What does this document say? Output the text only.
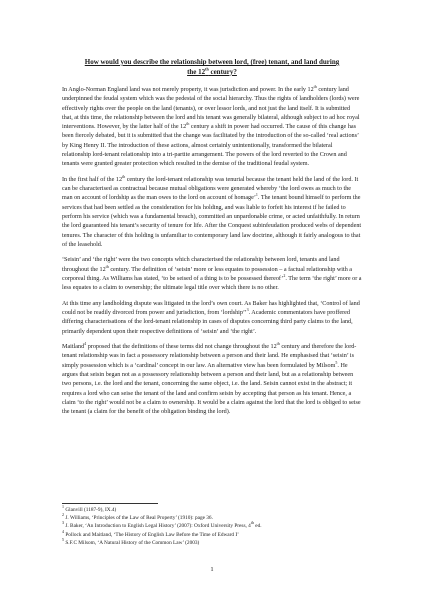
How would you describe the relationship between lord, (free) tenant, and land during
the 12th century?

In Anglo-Norman England land was not merely property, it was jurisdiction and power. In the early 12th century land underpinned the feudal system which was the pedestal of the social hierarchy. Thus the rights of landholders (lords) were effectively rights over the people on the land (tenants), or over lessor lords, and not just the land itself. It is submitted that, at this time, the relationship between the lord and his tenant was generally bilateral, although subject to ad hoc royal interventions. However, by the latter half of the 12th century a shift in power had occurred. The cause of this change has been fiercely debated, but it is submitted that the change was facilitated by the introduction of the so-called ‘real actions’ by King Henry II. The introduction of these actions, almost certainly unintentionally, transformed the bilateral relationship lord-tenant relationship into a tri-partite arrangement. The powers of the lord reverted to the Crown and tenants were granted greater protection which resulted in the demise of the traditional feudal system.

In the first half of the 12th century the lord-tenant relationship was tenurial because the tenant held the land of the lord. It can be characterised as contractual because mutual obligations were generated whereby ‘the lord owes as much to the man on account of lordship as the man owes to the lord on account of homage’$^1$. The tenant bound himself to perform the services that had been settled as the consideration for his holding, and was liable to forfeit his interest if he failed to perform his service (which was a fundamental breach), committed an unpardonable crime, or acted unfaithfully. In return the lord guaranteed his tenant’s security of tenure for life. After the Conquest subinfeudation produced webs of dependent tenures. The character of this holding is unfamiliar to contemporary land law doctrine, although it fairly analogous to that of the leasehold.

‘Seisin’ and ‘the right’ were the two concepts which characterised the relationship between lord, tenants and land throughout the 12th century. The definition of ‘seisin’ more or less equates to possession – a factual relationship with a corporeal thing. As Williams has stated, ‘to be seised of a thing is to be possessed thereof’$^2$. The term ‘the right’ more or a less equates to a claim to ownership; the ultimate legal title over which there is no other.

At this time any landholding dispute was litigated in the lord’s own court. As Baker has highlighted that, ‘Control of land could not be readily divorced from power and jurisdiction, from ‘lordship’’$^3$. Academic commentators have proffered differing characterisations of the lord-tenant relationship in cases of disputes concerning third party claims to the land, primarily dependent upon their respective definitions of ‘seisin’ and ‘the right’.

Maitland$^4$ proposed that the definitions of these terms did not change throughout the 12th century and therefore the lord-tenant relationship was in fact a possessory relationship between a person and their land. He emphasised that ‘seisin’ is simply possession which is a ‘cardinal’ concept in our law. An alternative view has been formulated by Milsom$^5$. He argues that seisin began not as a possessory relationship between a person and their land, but as a relationship between two persons, i.e. the lord and the tenant, concerning the same object, i.e. the land. Seisin cannot exist in the abstract; it requires a lord who can seise the tenant of the land and confirm seisin by accepting that person as his tenant. Hence, a claim ‘to the right’ would not be a claim to ownership. It would be a claim against the lord that the lord is obliged to seise the tenant (a claim for the benefit of the obligation binding the lord).

$^1$ Glanvill (1187-9), IX.4)
$^2$ J. Williams, ‘Principles of the Law of Real Property’ (1910): page 36.
$^3$ J. Baker, ‘An Introduction to English Legal History’ (2007): Oxford University Press, 4th ed.
$^4$ Pollock and Maitland, ‘The History of English Law Before the Time of Edward I’
$^5$ S.F.C Milsom, ‘A Natural History of the Common Law’ (2003)
1
